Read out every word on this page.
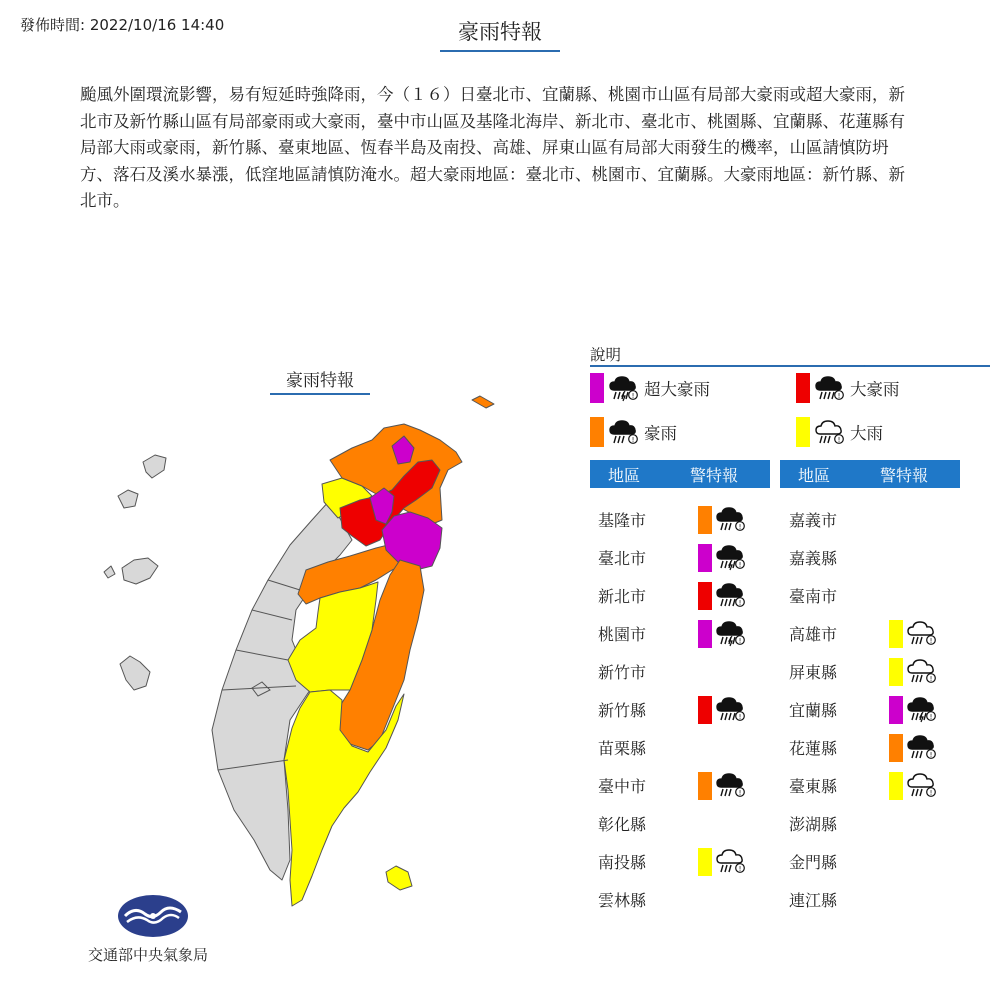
發佈時間: 2022/10/16 14:40	豪雨特報
颱風外圍環流影響，易有短延時強降雨，今（１６）日臺北市、宜蘭縣、桃園市山區有局部大豪雨或超大豪雨，新北市及新竹縣山區有局部豪雨或大豪雨，臺中市山區及基隆北海岸、新北市、臺北市、桃園縣、宜蘭縣、花蓮縣有局部大雨或豪雨，新竹縣、臺東地區、恆春半島及南投、高雄、屏東山區有局部大雨發生的機率，山區請慎防坍方、落石及溪水暴漲，低窪地區請慎防淹水。超大豪雨地區：臺北市、桃園市、宜蘭縣。大豪雨地區：新竹縣、新北市。
豪雨特報
說明
! 超大豪雨	! 大豪雨
! 豪雨	! 大雨
地區	警特報	地區	警特報
基隆市	!
臺北市	!
新北市	!
桃園市	!
新竹市
新竹縣	!
苗栗縣
臺中市	!
彰化縣
南投縣	!
雲林縣
嘉義市
嘉義縣
臺南市
高雄市	!
屏東縣	!
宜蘭縣	!
花蓮縣	!
臺東縣	!
澎湖縣
金門縣
連江縣
交通部中央氣象局
